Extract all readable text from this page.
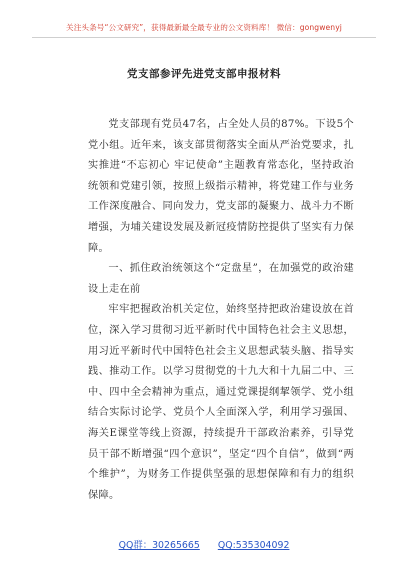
关注头条号“公文研究”，获得最新最全最专业的公文资料库！ 微信：gongwenyj
党支部参评先进党支部申报材料

党支部现有党员47名，占全处人员的87%。下设5个党小组。近年来，该支部贯彻落实全面从严治党要求，扎实推进“不忘初心 牢记使命”主题教育常态化，坚持政治统领和党建引领，按照上级指示精神，将党建工作与业务工作深度融合、同向发力，党支部的凝聚力、战斗力不断增强，为埔关建设发展及新冠疫情防控提供了坚实有力保障。

一、抓住政治统领这个“定盘星”，在加强党的政治建设上走在前

牢牢把握政治机关定位，始终坚持把政治建设放在首位，深入学习贯彻习近平新时代中国特色社会主义思想，用习近平新时代中国特色社会主义思想武装头脑、指导实践、推动工作。以学习贯彻党的十九大和十九届二中、三中、四中全会精神为重点，通过党课提纲挈领学、党小组结合实际讨论学、党员个人全面深入学，利用学习强国、海关E课堂等线上资源，持续提升干部政治素养，引导党员干部不断增强“四个意识”，坚定“四个自信”，做到“两个维护”，为财务工作提供坚强的思想保障和有力的组织保障。

QQ群：30265665 QQ:535304092
